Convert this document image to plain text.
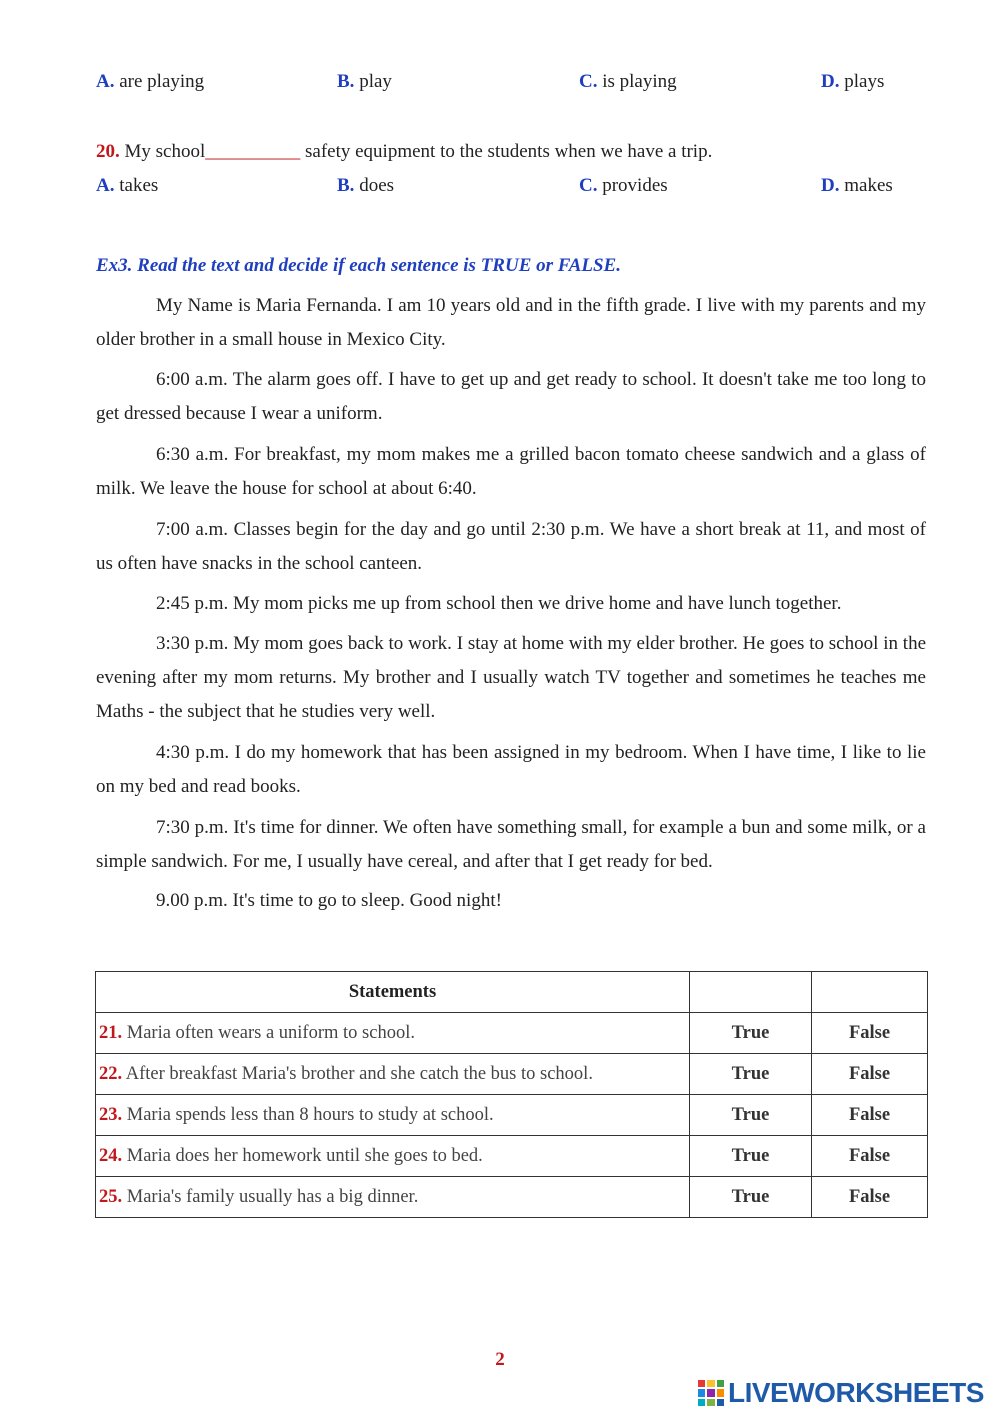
A. are playing	B. play	C. is playing	D. plays
20. My school__________ safety equipment to the students when we have a trip.
A. takes	B. does	C. provides	D. makes
Ex3. Read the text and decide if each sentence is TRUE or FALSE.
My Name is Maria Fernanda. I am 10 years old and in the fifth grade. I live with my parents and my older brother in a small house in Mexico City.
6:00 a.m. The alarm goes off. I have to get up and get ready to school. It doesn't take me too long to get dressed because I wear a uniform.
6:30 a.m. For breakfast, my mom makes me a grilled bacon tomato cheese sandwich and a glass of milk. We leave the house for school at about 6:40.
7:00 a.m. Classes begin for the day and go until 2:30 p.m. We have a short break at 11, and most of us often have snacks in the school canteen.
2:45 p.m. My mom picks me up from school then we drive home and have lunch together.
3:30 p.m. My mom goes back to work. I stay at home with my elder brother. He goes to school in the evening after my mom returns. My brother and I usually watch TV together and sometimes he teaches me Maths - the subject that he studies very well.
4:30 p.m. I do my homework that has been assigned in my bedroom. When I have time, I like to lie on my bed and read books.
7:30 p.m. It's time for dinner. We often have something small, for example a bun and some milk, or a simple sandwich. For me, I usually have cereal, and after that I get ready for bed.
9.00 p.m. It's time to go to sleep. Good night!
Statements		
21. Maria often wears a uniform to school.	True	False
22. After breakfast Maria's brother and she catch the bus to school.	True	False
23. Maria spends less than 8 hours to study at school.	True	False
24. Maria does her homework until she goes to bed.	True	False
25. Maria's family usually has a big dinner.	True	False
2
LIVEWORKSHEETS
